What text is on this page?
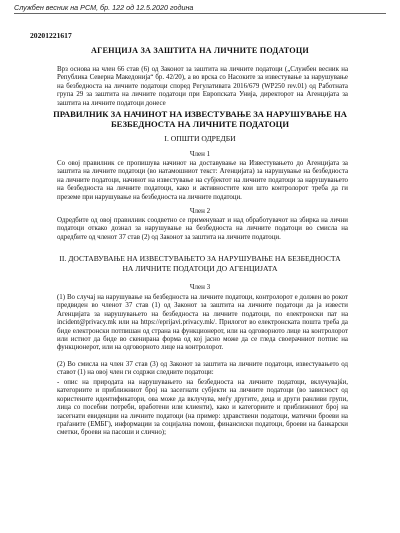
Службен весник на РСМ, бр. 122 од 12.5.2020 година
20201221617
АГЕНЦИЈА ЗА ЗАШТИТА НА ЛИЧНИТЕ ПОДАТОЦИ
Врз основа на член 66 став (6) од Законот за заштита на личните податоци („Службен весник на Република Северна Македонија“ бр. 42/20), а во врска со Насоките за известување за нарушување на безбедноста на личните податоци според Регулативата 2016/679 (WP250 rev.01) од Работната група 29 за заштита на личните податоци при Европската Унија, директорот на Агенцијата за заштита на личните податоци донесе
ПРАВИЛНИК ЗА НАЧИНОТ НА ИЗВЕСТУВАЊЕ ЗА НАРУШУВАЊЕ НА
БЕЗБЕДНОСТА НА ЛИЧНИТЕ ПОДАТОЦИ
I. ОПШТИ ОДРЕДБИ
Член 1
Со овој правилник се пропишува начинот на доставување на Известувањето до Агенцијата за заштита на личните податоци (во натамошниот текст: Агенцијата) за нарушување на безбедноста на личните податоци, начинот на известување на субјектот на личните податоци за нарушувањето на безбедноста на личните податоци, како и активностите кои што контролорот треба да ги преземе при нарушување на безбедноста на личните податоци.
Член 2
Одредбите од овој правилник соодветно се применуваат и над обработувачот на збирка на лични податоци откако дознал за нарушување на безбедноста на личните податоци во смисла на одредбите од членот 37 став (2) од Законот за заштита на личните податоци.
II. ДОСТАВУВАЊЕ НА ИЗВЕСТУВАЊЕТО ЗА НАРУШУВАЊЕ НА БЕЗБЕДНОСТА
НА ЛИЧНИТЕ ПОДАТОЦИ ДО АГЕНЦИЈАТА
Член 3
(1) Во случај на нарушување на безбедноста на личните податоци, контролорот е должен во рокот предвиден во членот 37 став (1) од Законот за заштита на личните податоци да ја извести Агенцијата за нарушувањето на безбедноста на личните податоци, по електронски пат на incident@privacy.mk или на https://eprijavi.privacy.mk/. Прилогот во електронската пошта треба да биде електронски потпишан од страна на функционерот, или на одговорното лице на контролорот или истиот да биде во скенирана форма од кој јасно може да се гледа своерачниот потпис на функционерот, или на одговорното лице на контролорот.
(2) Во смисла на член 37 став (3) од Законот за заштита на личните податоци, известувањето од ставот (1) на овој член ги содржи следните податоци:
- опис на природата на нарушувањето на безбедноста на личните податоци, вклучувајќи, категориите и приближниот број на засегнати субјекти на личните податоци (во зависност од користените идентификатори, ова може да вклучува, меѓу другите, деца и други ранливи групи, лица со посебни потреби, вработени или клиенти), како и категориите и приближниот број на засегнати евиденции на личните податоци (на пример: здравствени податоци, матични броеви на граѓаните (ЕМБГ), информации за социјална помош, финансиски податоци, броеви на банкарски сметки, броеви на пасоши и слично);
